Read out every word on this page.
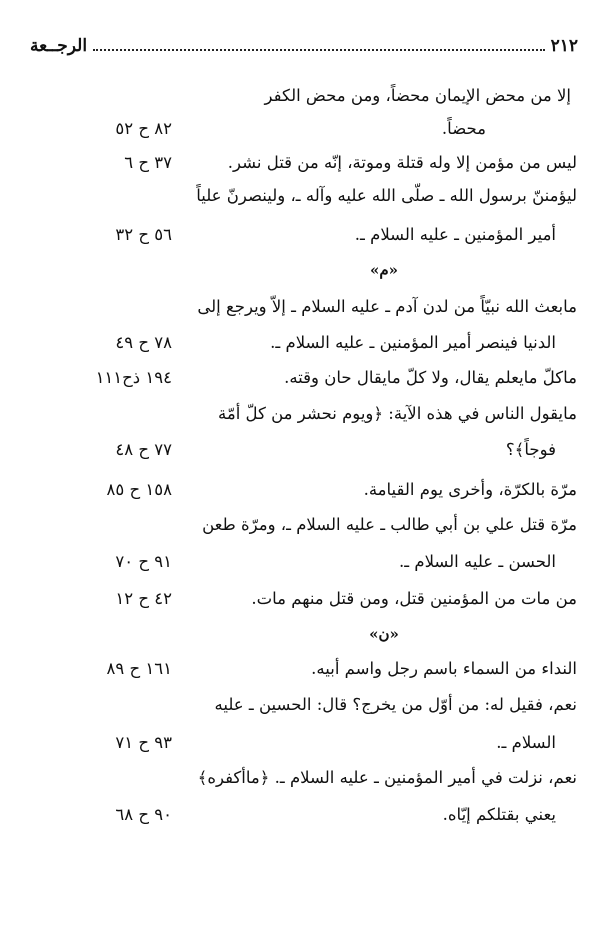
٢١٢
الرجــعة
إلا من محض الإيمان محضاً، ومن محض الكفر
محضاً.
ليس من مؤمن إلا وله قتلة وموتة، إنّه من قتل نشر.
ليؤمننّ برسول الله ـ صلّى الله عليه وآله ـ، ولينصرنّ علياً
أمير المؤمنين ـ عليه السلام ـ.
«م»
مابعث الله نبيّاً من لدن آدم ـ عليه السلام ـ إلاّ ويرجع إلى
الدنيا فينصر أمير المؤمنين ـ عليه السلام ـ.
ماكلّ مايعلم يقال، ولا كلّ مايقال حان وقته.
مايقول الناس في هذه الآية: ﴿ويوم نحشر من كلّ أمّة
فوجاً﴾؟
مرّة بالكرّة، وأخرى يوم القيامة.
مرّة قتل علي بن أبي طالب ـ عليه السلام ـ، ومرّة طعن
الحسن ـ عليه السلام ـ.
من مات من المؤمنين قتل، ومن قتل منهم مات.
«ن»
النداء من السماء باسم رجل واسم أبيه.
نعم، فقيل له: من أوّل من يخرج؟ قال: الحسين ـ عليه
السلام ـ.
نعم، نزلت في أمير المؤمنين ـ عليه السلام ـ. ﴿ماأكفره﴾
يعني بقتلكم إيّاه.
٨٢ ح ٥٢
٣٧ ح ٦
٥٦ ح ٣٢
٧٨ ح ٤٩
١٩٤ ذح١١١
٧٧ ح ٤٨
١٥٨ ح ٨٥
٩١ ح ٧٠
٤٢ ح ١٢
١٦١ ح ٨٩
٩٣ ح ٧١
٩٠ ح ٦٨
